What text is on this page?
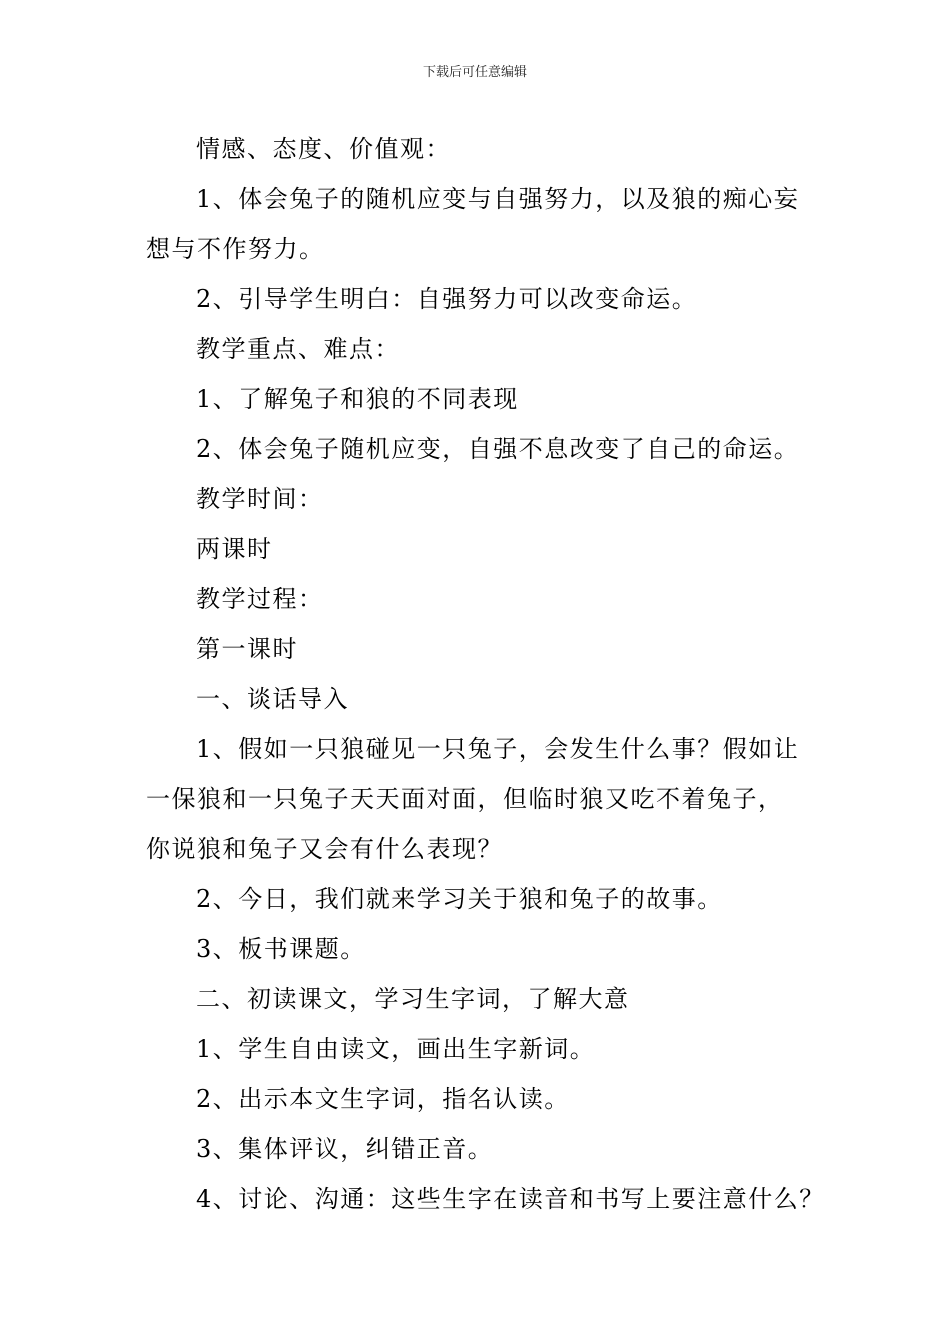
下载后可任意编辑
情感、态度、价值观：
1、体会兔子的随机应变与自强努力，以及狼的痴心妄
想与不作努力。
2、引导学生明白：自强努力可以改变命运。
教学重点、难点：
1、了解兔子和狼的不同表现
2、体会兔子随机应变，自强不息改变了自己的命运。
教学时间：
两课时
教学过程：
第一课时
一、谈话导入
1、假如一只狼碰见一只兔子，会发生什么事？假如让
一保狼和一只兔子天天面对面，但临时狼又吃不着兔子，
你说狼和兔子又会有什么表现？
2、今日，我们就来学习关于狼和兔子的故事。
3、板书课题。
二、初读课文，学习生字词，了解大意
1、学生自由读文，画出生字新词。
2、出示本文生字词，指名认读。
3、集体评议，纠错正音。
4、讨论、沟通：这些生字在读音和书写上要注意什么？
